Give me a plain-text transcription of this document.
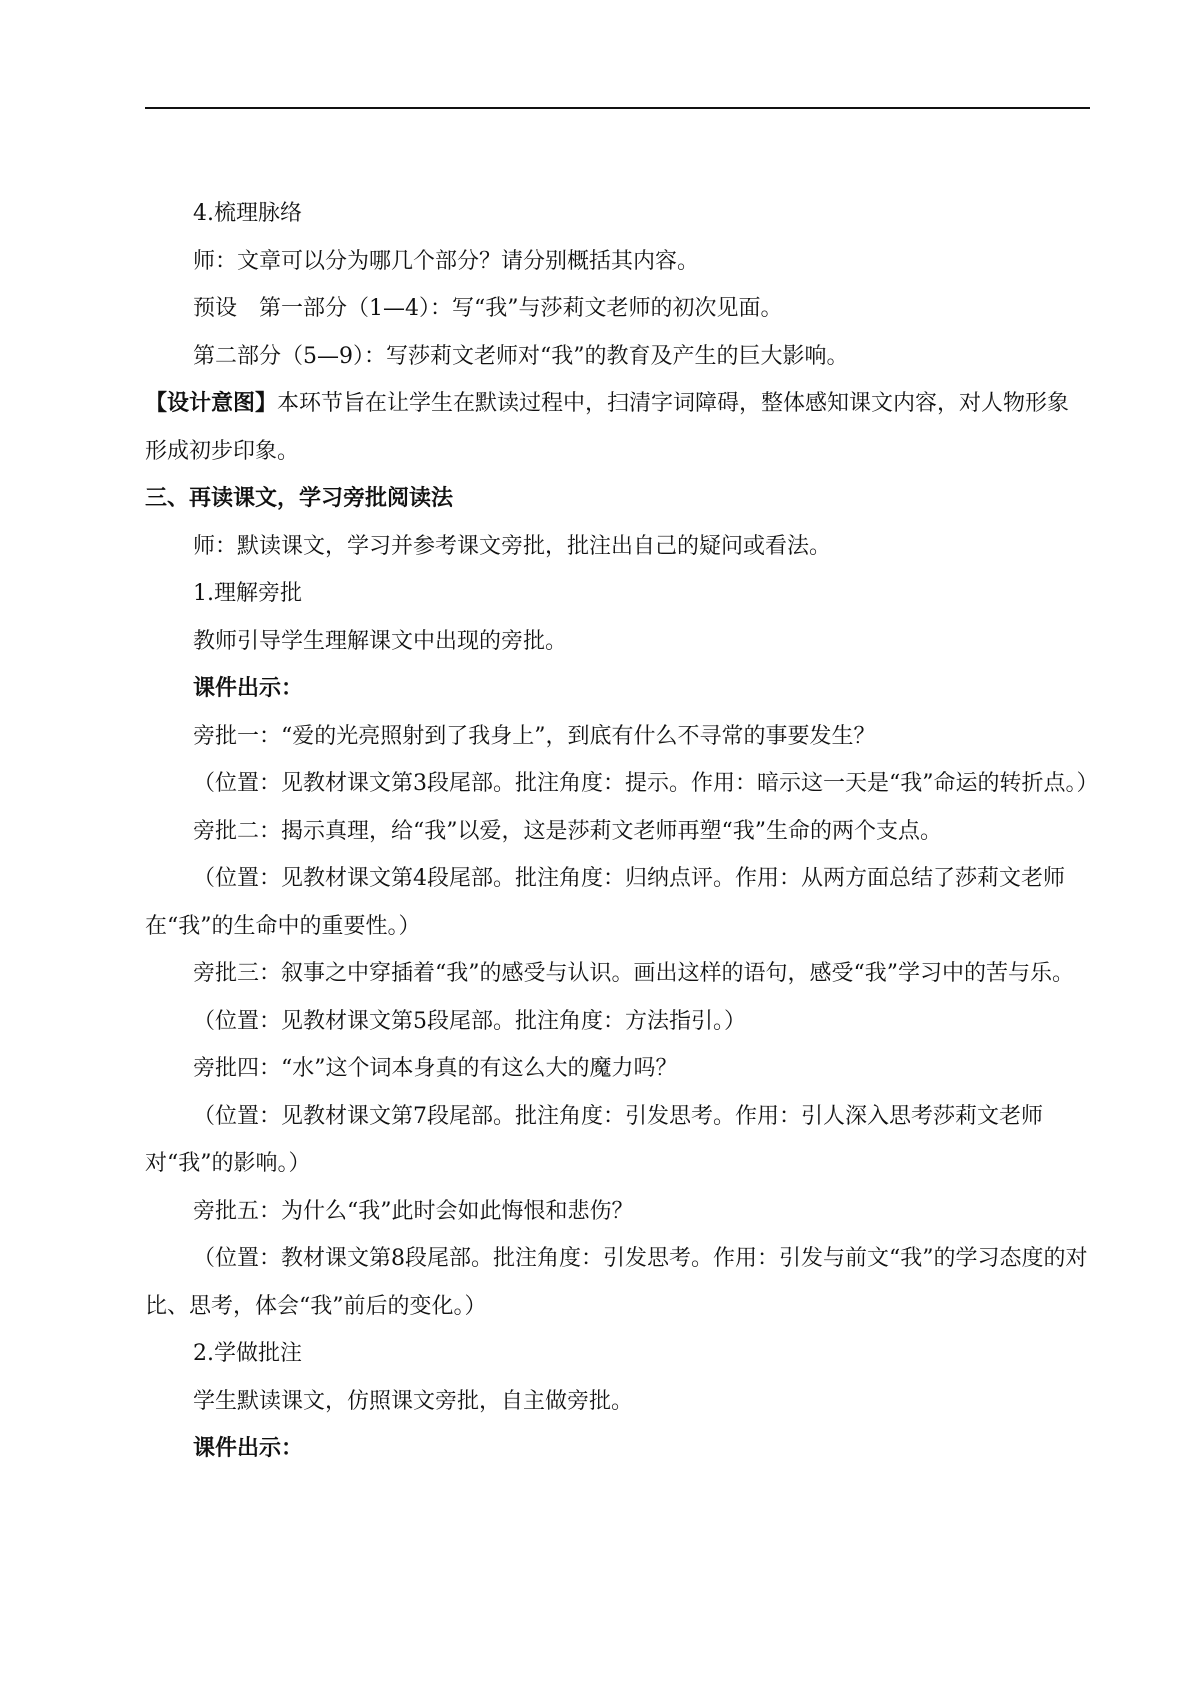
4.梳理脉络

师：文章可以分为哪几个部分？请分别概括其内容。

预设　第一部分（1—4）：写“我”与莎莉文老师的初次见面。

第二部分（5—9）：写莎莉文老师对“我”的教育及产生的巨大影响。

【设计意图】本环节旨在让学生在默读过程中，扫清字词障碍，整体感知课文内容，对人物形象形成初步印象。

三、再读课文，学习旁批阅读法

师：默读课文，学习并参考课文旁批，批注出自己的疑问或看法。

1.理解旁批

教师引导学生理解课文中出现的旁批。

课件出示：

旁批一：“爱的光亮照射到了我身上”，到底有什么不寻常的事要发生？

（位置：见教材课文第3段尾部。批注角度：提示。作用：暗示这一天是“我”命运的转折点。）

旁批二：揭示真理，给“我”以爱，这是莎莉文老师再塑“我”生命的两个支点。

（位置：见教材课文第4段尾部。批注角度：归纳点评。作用：从两方面总结了莎莉文老师在“我”的生命中的重要性。）

旁批三：叙事之中穿插着“我”的感受与认识。画出这样的语句，感受“我”学习中的苦与乐。

（位置：见教材课文第5段尾部。批注角度：方法指引。）

旁批四：“水”这个词本身真的有这么大的魔力吗？

（位置：见教材课文第7段尾部。批注角度：引发思考。作用：引人深入思考莎莉文老师对“我”的影响。）

旁批五：为什么“我”此时会如此悔恨和悲伤？

（位置：教材课文第8段尾部。批注角度：引发思考。作用：引发与前文“我”的学习态度的对比、思考，体会“我”前后的变化。）

2.学做批注

学生默读课文，仿照课文旁批，自主做旁批。

课件出示：
